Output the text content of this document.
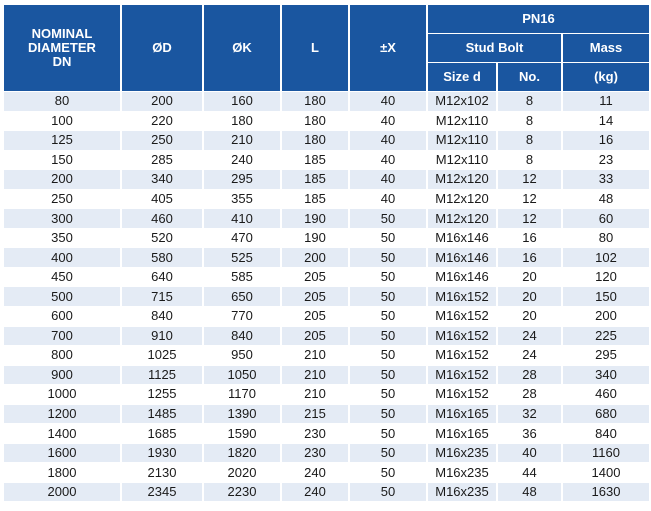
NOMINAL
DIAMETER
DN	ØD	ØK	L	±X	PN16		
					Stud Bolt		Mass
					Size d	No.	(kg)
80	200	160	180	40	M12x102	8	11
100	220	180	180	40	M12x110	8	14
125	250	210	180	40	M12x110	8	16
150	285	240	185	40	M12x110	8	23
200	340	295	185	40	M12x120	12	33
250	405	355	185	40	M12x120	12	48
300	460	410	190	50	M12x120	12	60
350	520	470	190	50	M16x146	16	80
400	580	525	200	50	M16x146	16	102
450	640	585	205	50	M16x146	20	120
500	715	650	205	50	M16x152	20	150
600	840	770	205	50	M16x152	20	200
700	910	840	205	50	M16x152	24	225
800	1025	950	210	50	M16x152	24	295
900	1125	1050	210	50	M16x152	28	340
1000	1255	1170	210	50	M16x152	28	460
1200	1485	1390	215	50	M16x165	32	680
1400	1685	1590	230	50	M16x165	36	840
1600	1930	1820	230	50	M16x235	40	1160
1800	2130	2020	240	50	M16x235	44	1400
2000	2345	2230	240	50	M16x235	48	1630
